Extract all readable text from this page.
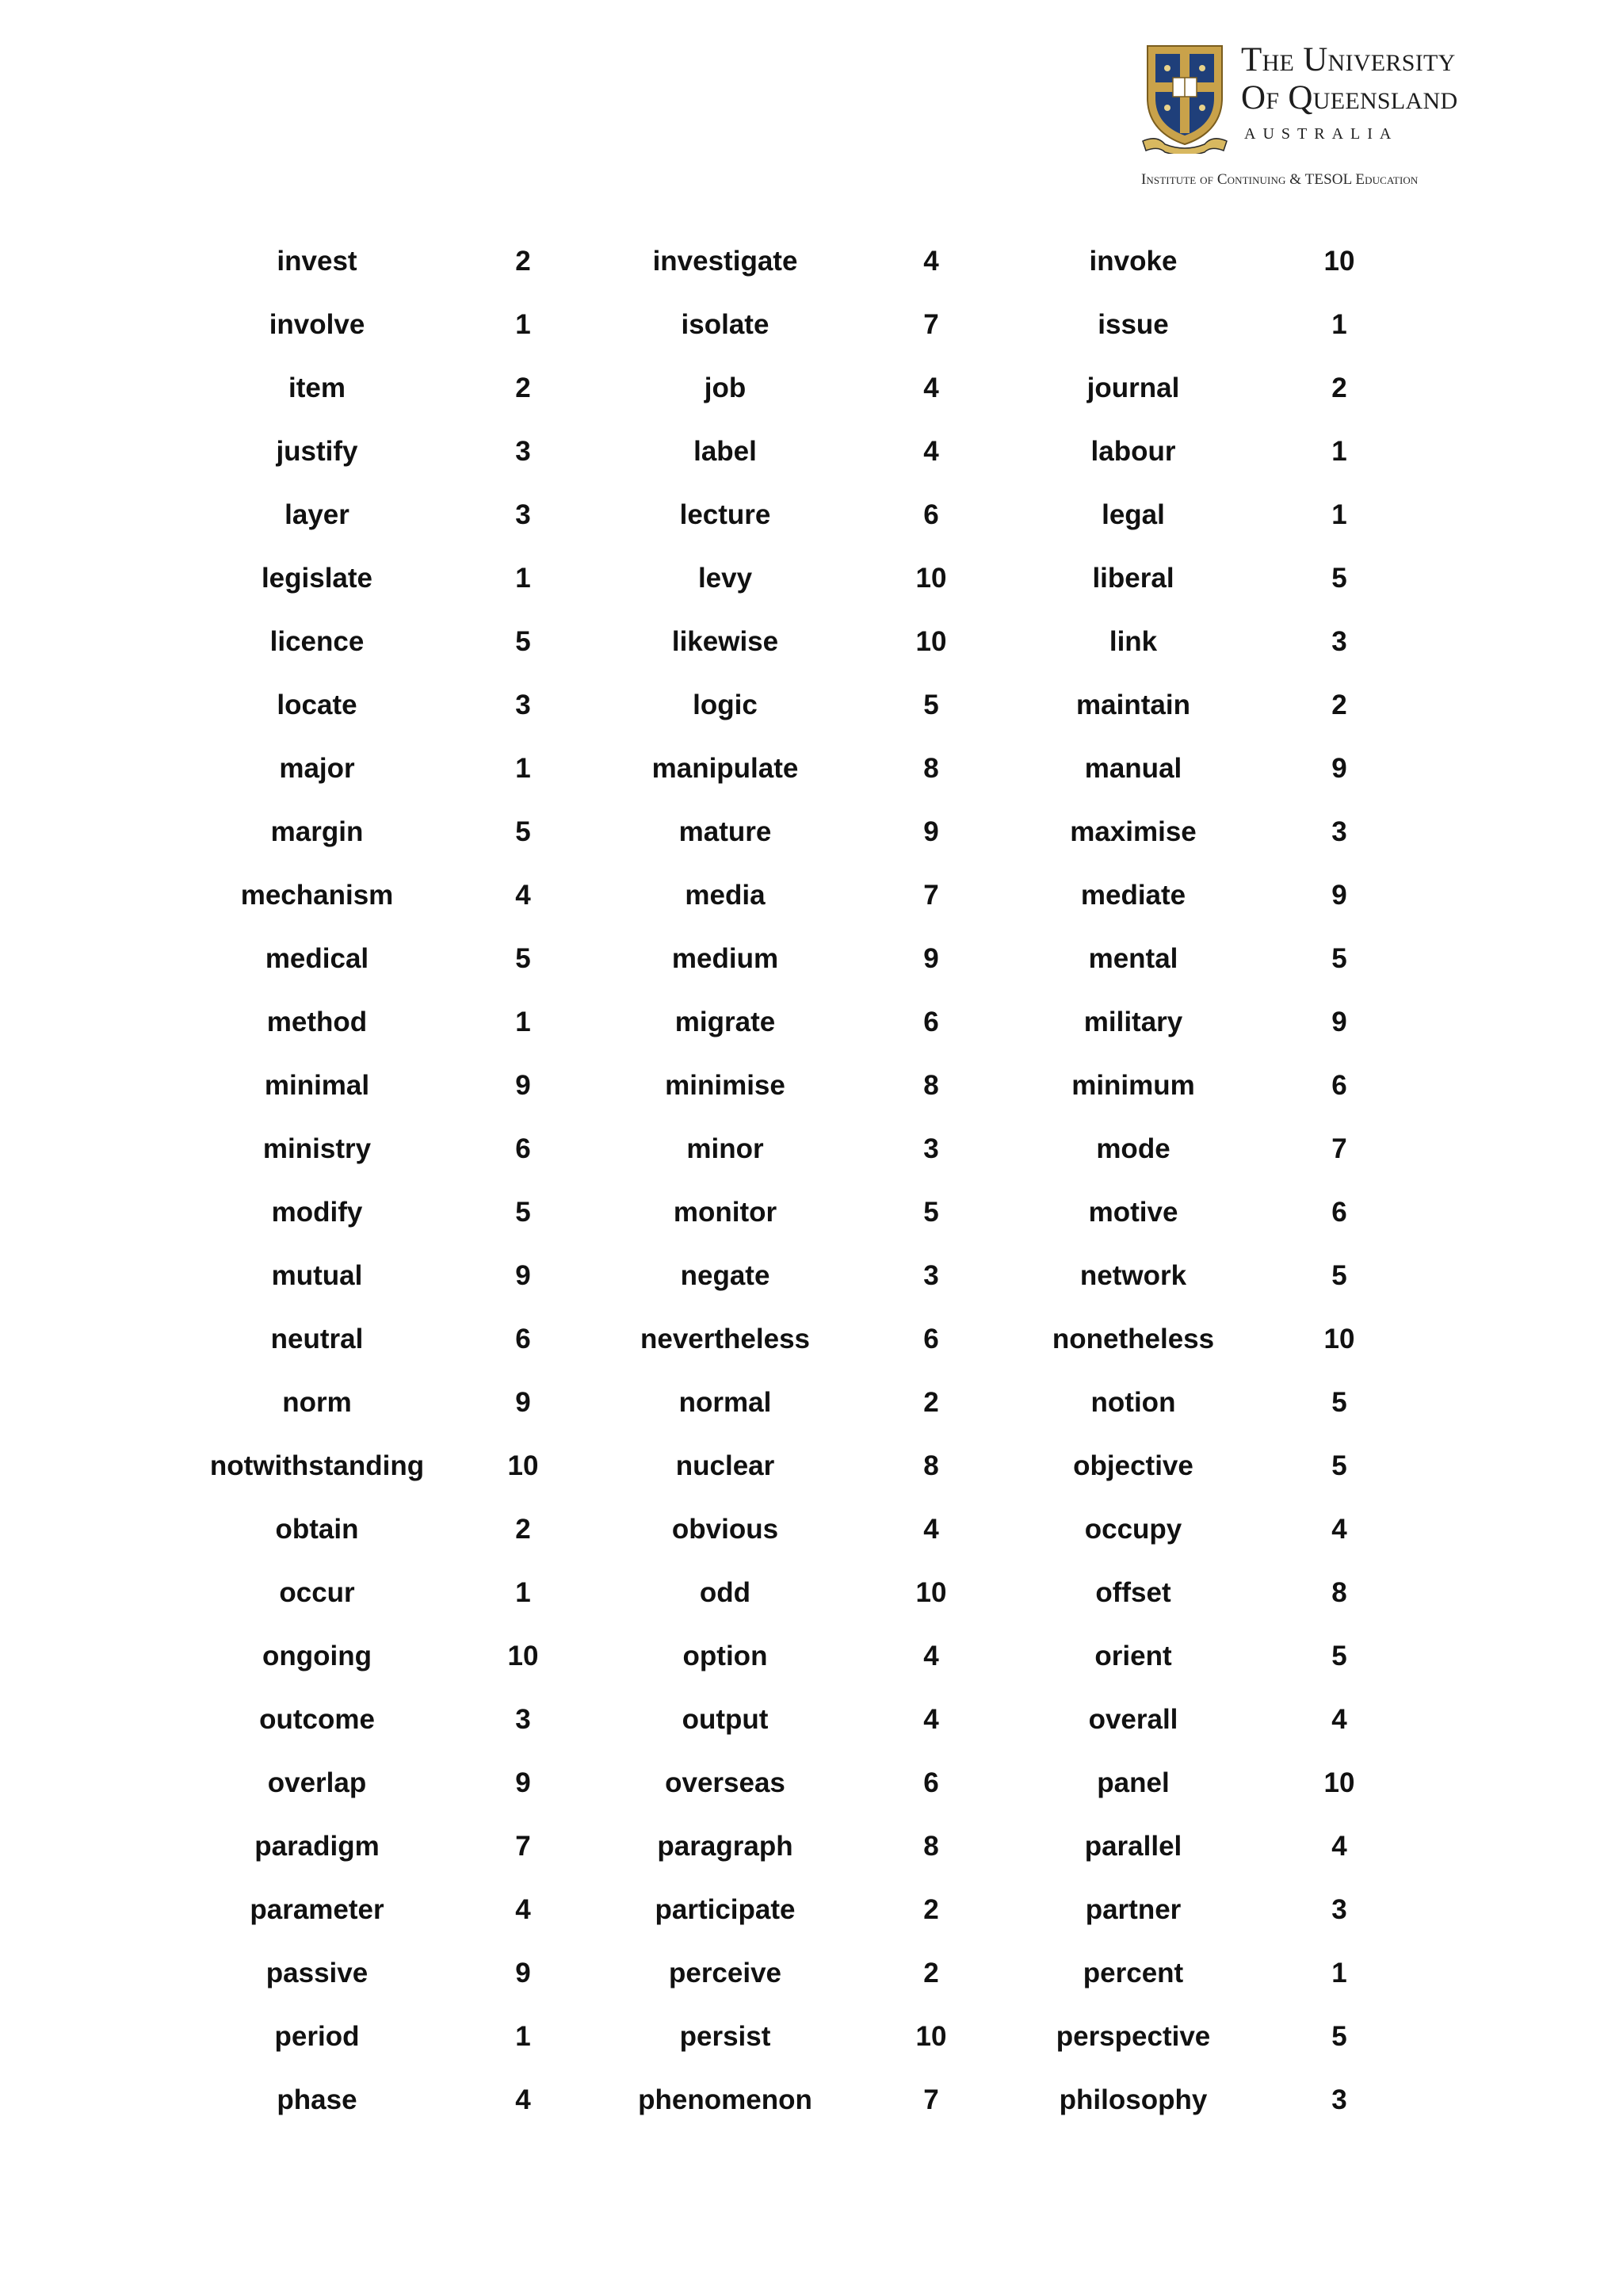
The University
Of Queensland
AUSTRALIA
Institute of Continuing & TESOL Education
invest	2	investigate	4	invoke	10
involve	1	isolate	7	issue	1
item	2	job	4	journal	2
justify	3	label	4	labour	1
layer	3	lecture	6	legal	1
legislate	1	levy	10	liberal	5
licence	5	likewise	10	link	3
locate	3	logic	5	maintain	2
major	1	manipulate	8	manual	9
margin	5	mature	9	maximise	3
mechanism	4	media	7	mediate	9
medical	5	medium	9	mental	5
method	1	migrate	6	military	9
minimal	9	minimise	8	minimum	6
ministry	6	minor	3	mode	7
modify	5	monitor	5	motive	6
mutual	9	negate	3	network	5
neutral	6	nevertheless	6	nonetheless	10
norm	9	normal	2	notion	5
notwithstanding	10	nuclear	8	objective	5
obtain	2	obvious	4	occupy	4
occur	1	odd	10	offset	8
ongoing	10	option	4	orient	5
outcome	3	output	4	overall	4
overlap	9	overseas	6	panel	10
paradigm	7	paragraph	8	parallel	4
parameter	4	participate	2	partner	3
passive	9	perceive	2	percent	1
period	1	persist	10	perspective	5
phase	4	phenomenon	7	philosophy	3
